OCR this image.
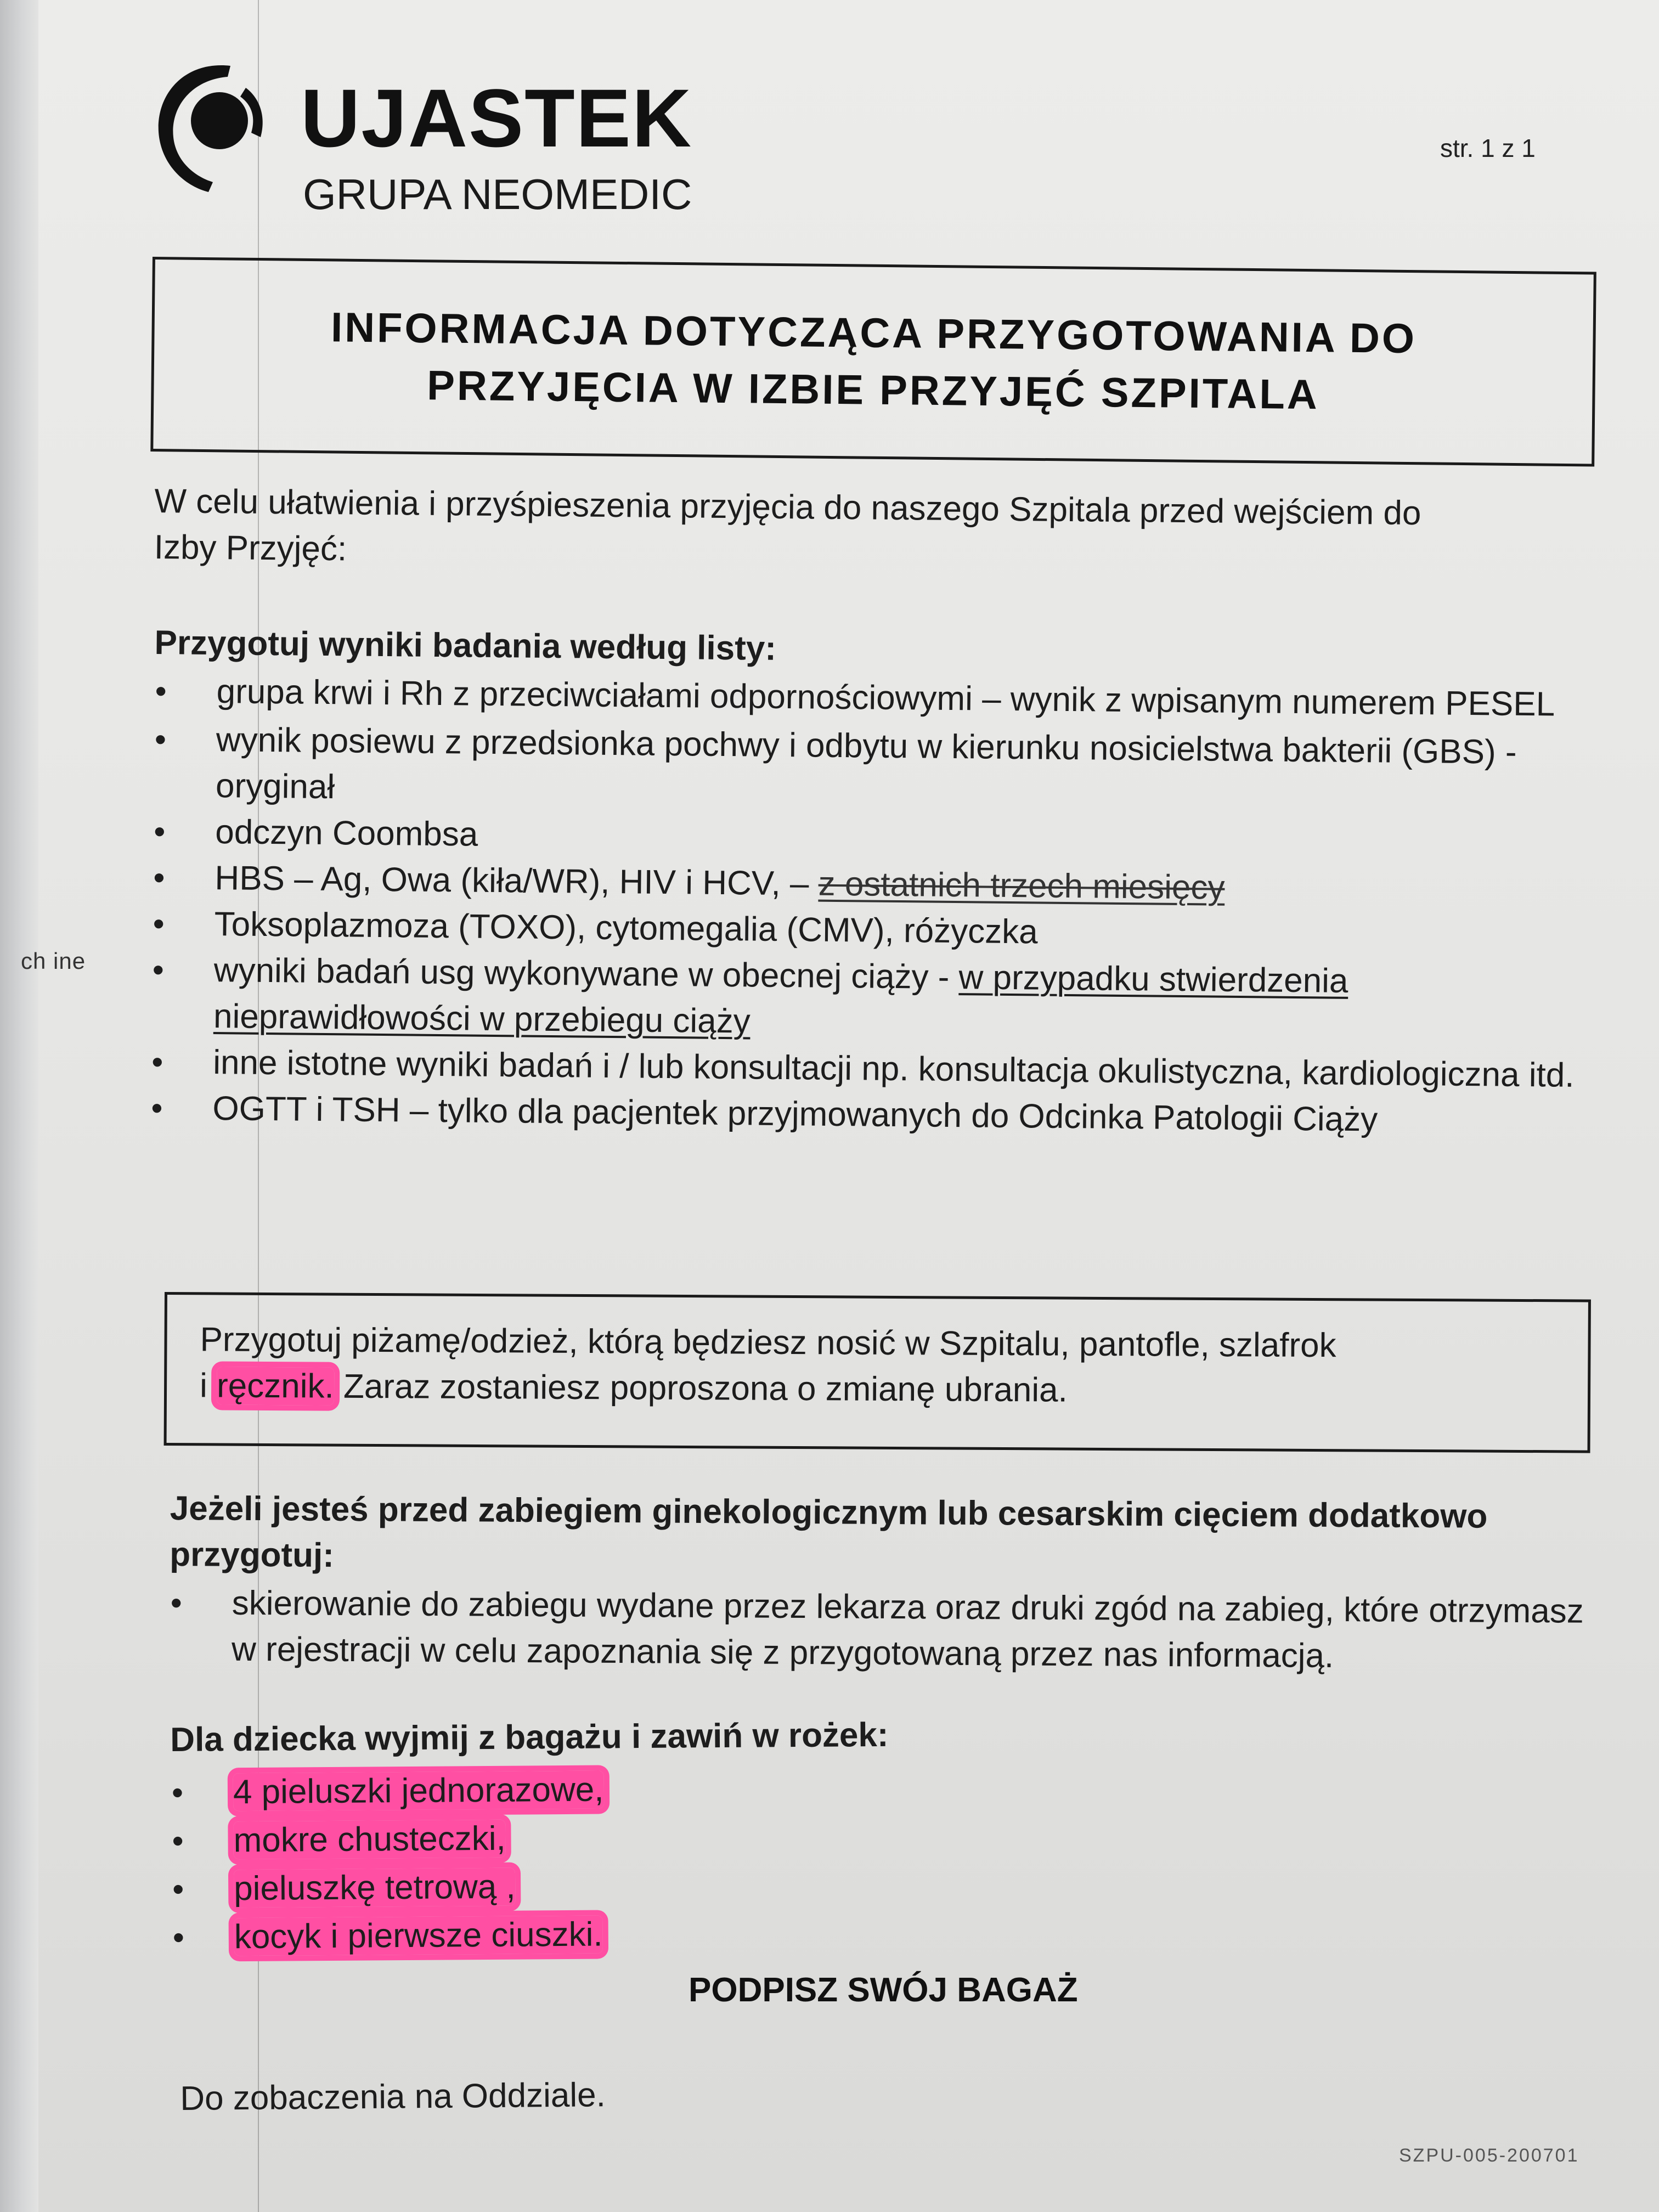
UJASTEK
GRUPA NEOMEDIC
str. 1 z 1
INFORMACJA DOTYCZĄCA PRZYGOTOWANIA DO
PRZYJĘCIA W IZBIE PRZYJĘĆ SZPITALA
W celu ułatwienia i przyśpieszenia przyjęcia do naszego Szpitala przed wejściem do
Izby Przyjęć:
Przygotuj wyniki badania według listy:
• grupa krwi i Rh z przeciwciałami odpornościowymi – wynik z wpisanym numerem PESEL
• wynik posiewu z przedsionka pochwy i odbytu w kierunku nosicielstwa bakterii (GBS) - oryginał
• odczyn Coombsa
• HBS – Ag, Owa (kiła/WR), HIV i HCV, – z ostatnich trzech miesięcy
• Toksoplazmoza (TOXO), cytomegalia (CMV), różyczka
• wyniki badań usg wykonywane w obecnej ciąży - w przypadku stwierdzenia nieprawidłowości w przebiegu ciąży
• inne istotne wyniki badań i / lub konsultacji np. konsultacja okulistyczna, kardiologiczna itd.
• OGTT i TSH – tylko dla pacjentek przyjmowanych do Odcinka Patologii Ciąży
ch ine
Przygotuj piżamę/odzież, którą będziesz nosić w Szpitalu, pantofle, szlafrok
i ręcznik. Zaraz zostaniesz poproszona o zmianę ubrania.
Jeżeli jesteś przed zabiegiem ginekologicznym lub cesarskim cięciem dodatkowo przygotuj:
• skierowanie do zabiegu wydane przez lekarza oraz druki zgód na zabieg, które otrzymasz w rejestracji w celu zapoznania się z przygotowaną przez nas informacją.
Dla dziecka wyjmij z bagażu i zawiń w rożek:
• 4 pieluszki jednorazowe,
• mokre chusteczki,
• pieluszkę tetrową ,
• kocyk i pierwsze ciuszki.
PODPISZ SWÓJ BAGAŻ
Do zobaczenia na Oddziale.
SZPU-005-200701
